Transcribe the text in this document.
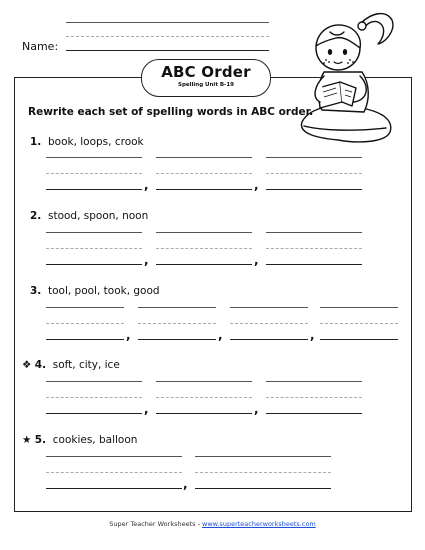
Name:
ABC Order
Spelling Unit B-19
Rewrite each set of spelling words in ABC order.
1. book, loops, crook
,	,
2. stood, spoon, noon
,	,
3. tool, pool, took, good
,	,	,
❖ 4. soft, city, ice
,	,
★ 5. cookies, balloon
,
Super Teacher Worksheets - www.superteacherworksheets.com
